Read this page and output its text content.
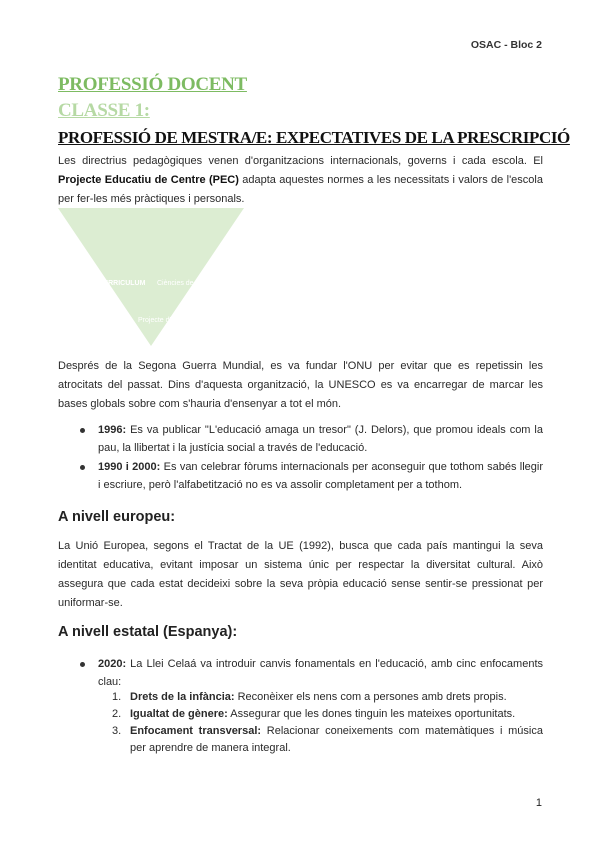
OSAC - Bloc 2
PROFESSIÓ DOCENT
CLASSE 1:
PROFESSIÓ DE MESTRA/E: EXPECTATIVES DE LA PRESCRIPCIÓ
Les directrius pedagògiques venen d'organitzacions internacionals, governs i cada escola. El Projecte Educatiu de Centre (PEC) adapta aquestes normes a les necessitats i valors de l'escola per fer-les més pràctiques i personals.
CURRICULUM Ciències de l'educació
PEC Projecte d'educació de centre
Després de la Segona Guerra Mundial, es va fundar l'ONU per evitar que es repetissin les atrocitats del passat. Dins d'aquesta organització, la UNESCO es va encarregar de marcar les bases globals sobre com s'hauria d'ensenyar a tot el món.
1996: Es va publicar "L'educació amaga un tresor" (J. Delors), que promou ideals com la pau, la llibertat i la justícia social a través de l'educació.
1990 i 2000: Es van celebrar fòrums internacionals per aconseguir que tothom sabés llegir i escriure, però l'alfabetització no es va assolir completament per a tothom.
A nivell europeu:
La Unió Europea, segons el Tractat de la UE (1992), busca que cada país mantingui la seva identitat educativa, evitant imposar un sistema únic per respectar la diversitat cultural. Això assegura que cada estat decideixi sobre la seva pròpia educació sense sentir-se pressionat per uniformar-se.
A nivell estatal (Espanya):
2020: La Llei Celaá va introduir canvis fonamentals en l'educació, amb cinc enfocaments clau:
1. Drets de la infància: Reconèixer els nens com a persones amb drets propis.
2. Igualtat de gènere: Assegurar que les dones tinguin les mateixes oportunitats.
3. Enfocament transversal: Relacionar coneixements com matemàtiques i música per aprendre de manera integral.
1
